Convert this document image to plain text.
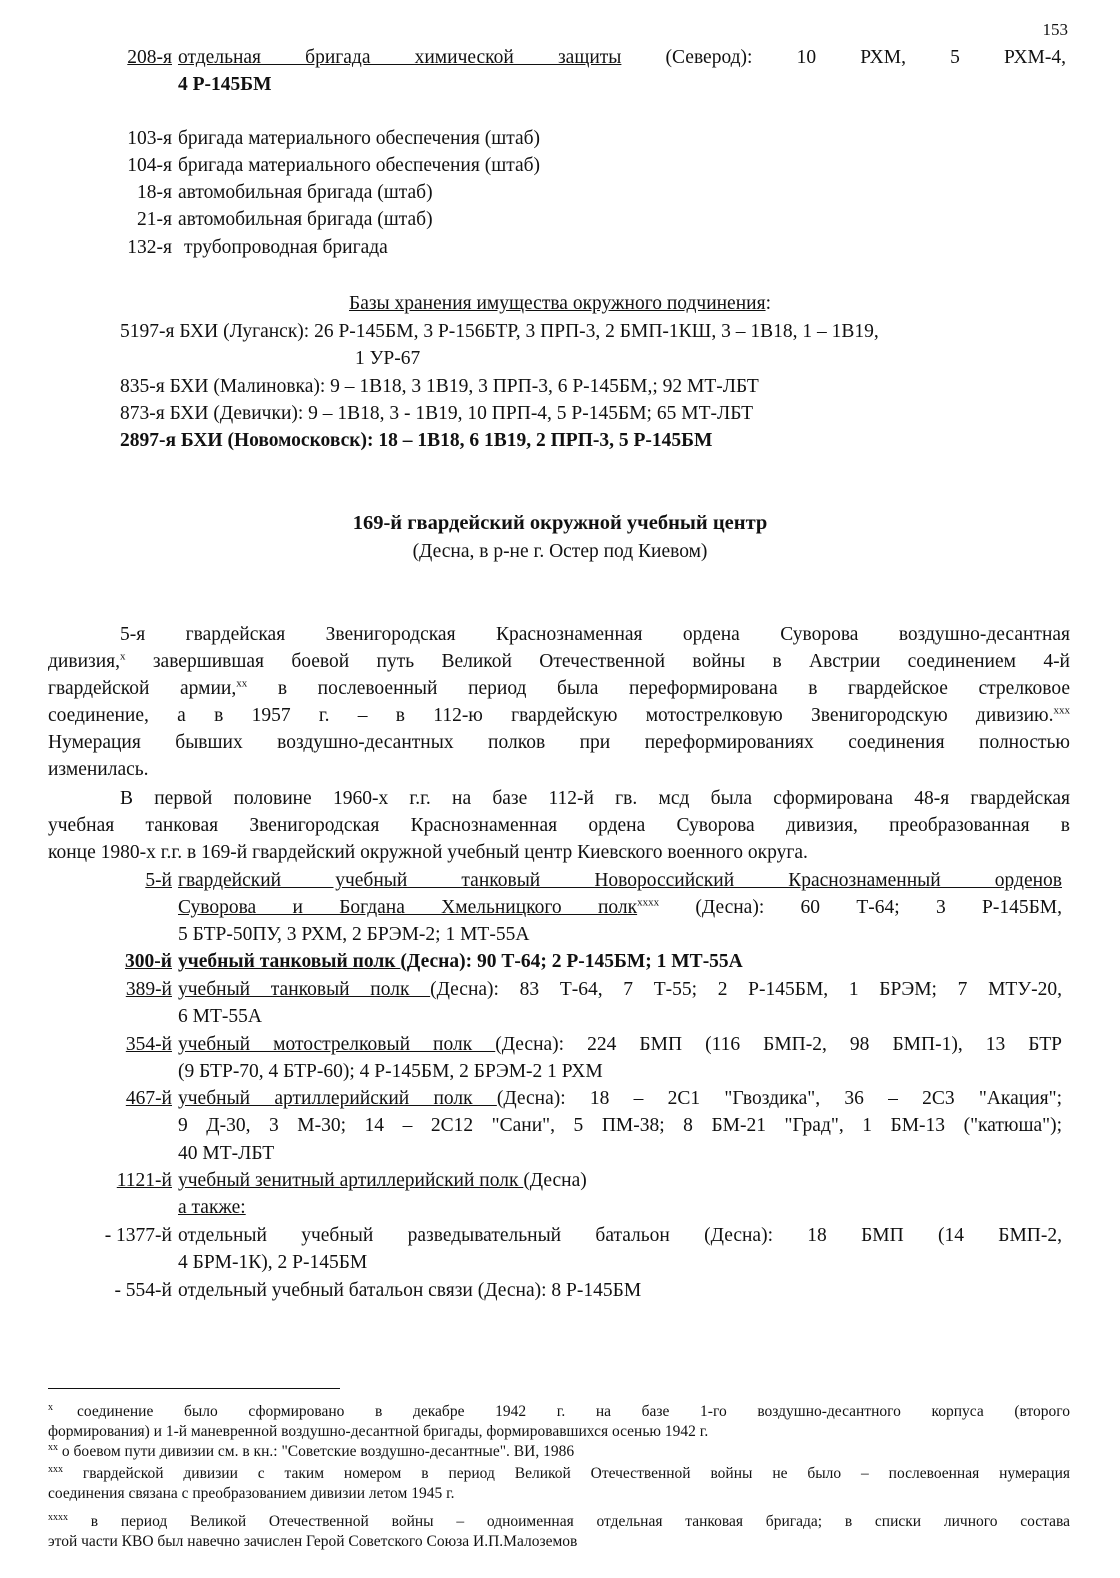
153
208-я отдельная бригада химической защиты (Северод): 10 РХМ, 5 РХМ-4,
4 Р-145БМ
103-я бригада материального обеспечения (штаб)
104-я бригада материального обеспечения (штаб)
18-я автомобильная бригада (штаб)
21-я автомобильная бригада (штаб)
132-я трубопроводная бригада
Базы хранения имущества окружного подчинения:
5197-я БХИ (Луганск): 26 Р-145БМ, 3 Р-156БТР, 3 ПРП-3, 2 БМП-1КШ, 3 – 1В18, 1 – 1В19,
1 УР-67
835-я БХИ (Малиновка): 9 – 1В18, 3 1В19, 3 ПРП-3, 6 Р-145БМ,; 92 МТ-ЛБТ
873-я БХИ (Девички): 9 – 1В18, 3 - 1В19, 10 ПРП-4, 5 Р-145БМ; 65 МТ-ЛБТ
2897-я БХИ (Новомосковск): 18 – 1В18, 6 1В19, 2 ПРП-3, 5 Р-145БМ
169-й гвардейский окружной учебный центр
(Десна, в р-не г. Остер под Киевом)
5-я гвардейская Звенигородская Краснознаменная ордена Суворова воздушно-десантная
дивизия,$^x$ завершившая боевой путь Великой Отечественной войны в Австрии соединением 4-й
гвардейской армии,$^{xx}$ в послевоенный период была переформирована в гвардейское стрелковое
соединение, а в 1957 г. – в 112-ю гвардейскую мотострелковую Звенигородскую дивизию.$^{xxx}$
Нумерация бывших воздушно-десантных полков при переформированиях соединения полностью
изменилась.
В первой половине 1960-х г.г. на базе 112-й гв. мсд была сформирована 48-я гвардейская
учебная танковая Звенигородская Краснознаменная ордена Суворова дивизия, преобразованная в
конце 1980-х г.г. в 169-й гвардейский окружной учебный центр Киевского военного округа.
5-й гвардейский учебный танковый Новороссийский Краснознаменный орденов
Суворова и Богдана Хмельницкого полк$^{xxxx}$ (Десна): 60 Т-64; 3 Р-145БМ,
5 БТР-50ПУ, 3 РХМ, 2 БРЭМ-2; 1 МТ-55А
300-й учебный танковый полк (Десна): 90 Т-64; 2 Р-145БМ; 1 МТ-55А
389-й учебный танковый полк (Десна): 83 Т-64, 7 Т-55; 2 Р-145БМ, 1 БРЭМ; 7 МТУ-20,
6 МТ-55А
354-й учебный мотострелковый полк (Десна): 224 БМП (116 БМП-2, 98 БМП-1), 13 БТР
(9 БТР-70, 4 БТР-60); 4 Р-145БМ, 2 БРЭМ-2 1 РХМ
467-й учебный артиллерийский полк (Десна): 18 – 2С1 "Гвоздика", 36 – 2С3 "Акация";
9 Д-30, 3 М-30; 14 – 2С12 "Сани", 5 ПМ-38; 8 БМ-21 "Град", 1 БМ-13 ("катюша");
40 МТ-ЛБТ
1121-й учебный зенитный артиллерийский полк (Десна)
а также:
- 1377-й отдельный учебный разведывательный батальон (Десна): 18 БМП (14 БМП-2,
4 БРМ-1К), 2 Р-145БМ
- 554-й отдельный учебный батальон связи (Десна): 8 Р-145БМ
$^x$ соединение было сформировано в декабре 1942 г. на базе 1-го воздушно-десантного корпуса (второго
формирования) и 1-й маневренной воздушно-десантной бригады, формировавшихся осенью 1942 г.
$^{xx}$ о боевом пути дивизии см. в кн.: "Советские воздушно-десантные". ВИ, 1986
$^{xxx}$ гвардейской дивизии с таким номером в период Великой Отечественной войны не было – послевоенная нумерация
соединения связана с преобразованием дивизии летом 1945 г.
$^{xxxx}$ в период Великой Отечественной войны – одноименная отдельная танковая бригада; в списки личного состава
этой части КВО был навечно зачислен Герой Советского Союза И.П.Малоземов
